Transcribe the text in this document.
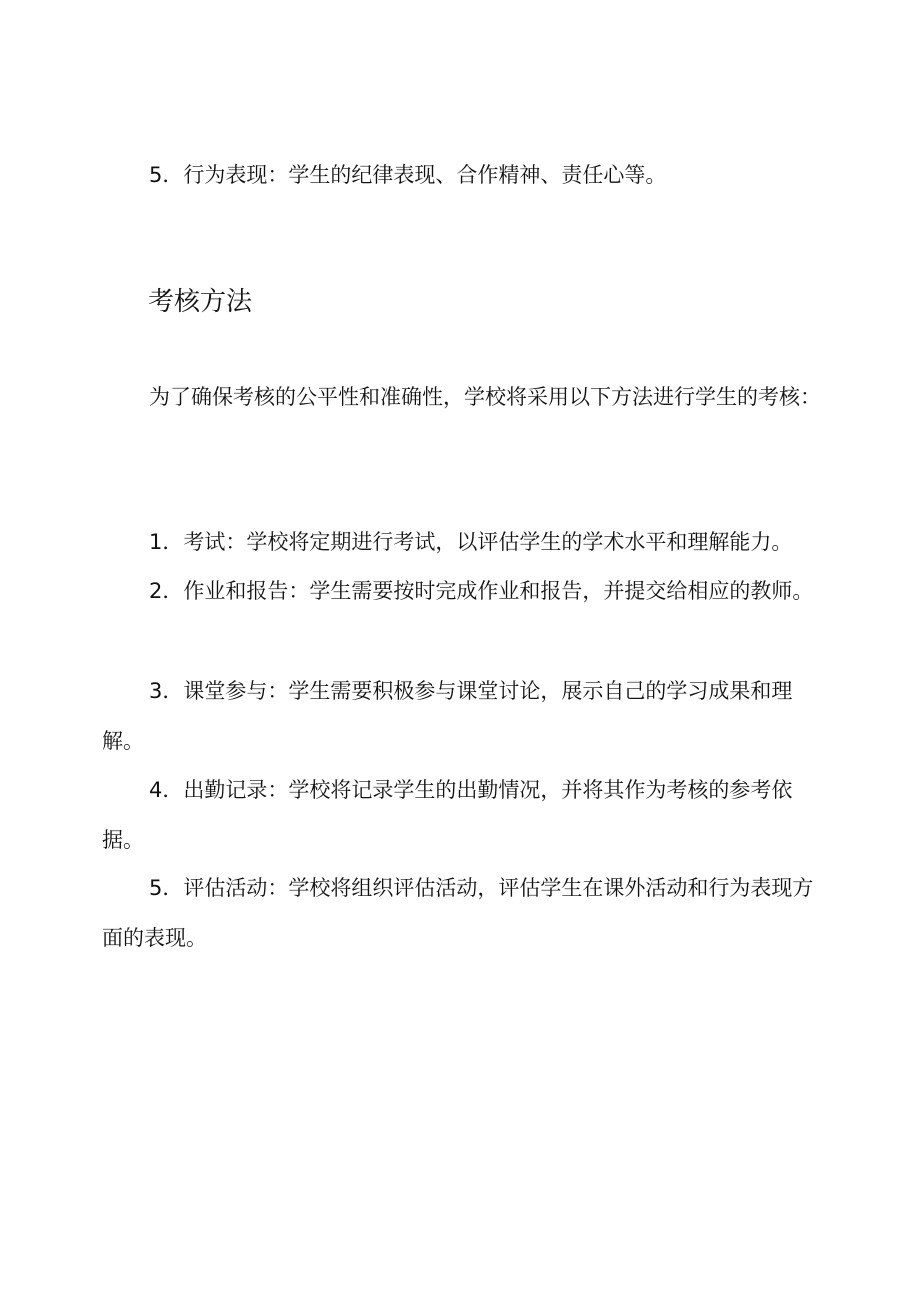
5．行为表现：学生的纪律表现、合作精神、责任心等。

考核方法

为了确保考核的公平性和准确性，学校将采用以下方法进行学生的考核：

1．考试：学校将定期进行考试，以评估学生的学术水平和理解能力。

2．作业和报告：学生需要按时完成作业和报告，并提交给相应的教师。

3．课堂参与：学生需要积极参与课堂讨论，展示自己的学习成果和理解。

4．出勤记录：学校将记录学生的出勤情况，并将其作为考核的参考依据。

5．评估活动：学校将组织评估活动，评估学生在课外活动和行为表现方面的表现。
